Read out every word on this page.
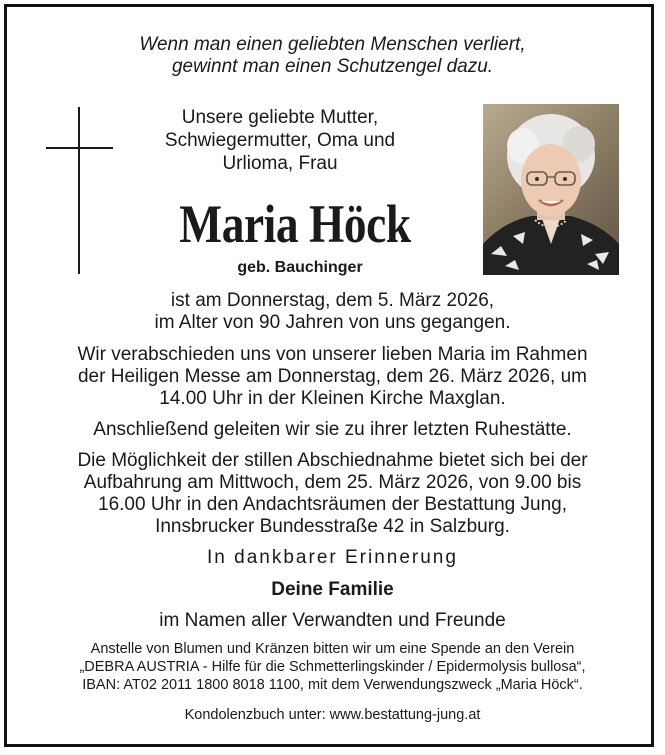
Wenn man einen geliebten Menschen verliert,
gewinnt man einen Schutzengel dazu.
Unsere geliebte Mutter,
Schwiegermutter, Oma und
Urlioma, Frau
Maria Höck
geb. Bauchinger
ist am Donnerstag, dem 5. März 2026,
im Alter von 90 Jahren von uns gegangen.
Wir verabschieden uns von unserer lieben Maria im Rahmen
der Heiligen Messe am Donnerstag, dem 26. März 2026, um
14.00 Uhr in der Kleinen Kirche Maxglan.
Anschließend geleiten wir sie zu ihrer letzten Ruhestätte.
Die Möglichkeit der stillen Abschiednahme bietet sich bei der
Aufbahrung am Mittwoch, dem 25. März 2026, von 9.00 bis
16.00 Uhr in den Andachtsräumen der Bestattung Jung,
Innsbrucker Bundesstraße 42 in Salzburg.
In dankbarer Erinnerung
Deine Familie
im Namen aller Verwandten und Freunde
Anstelle von Blumen und Kränzen bitten wir um eine Spende an den Verein
„DEBRA AUSTRIA - Hilfe für die Schmetterlingskinder / Epidermolysis bullosa“,
IBAN: AT02 2011 1800 8018 1100, mit dem Verwendungszweck „Maria Höck“.
Kondolenzbuch unter: www.bestattung-jung.at
